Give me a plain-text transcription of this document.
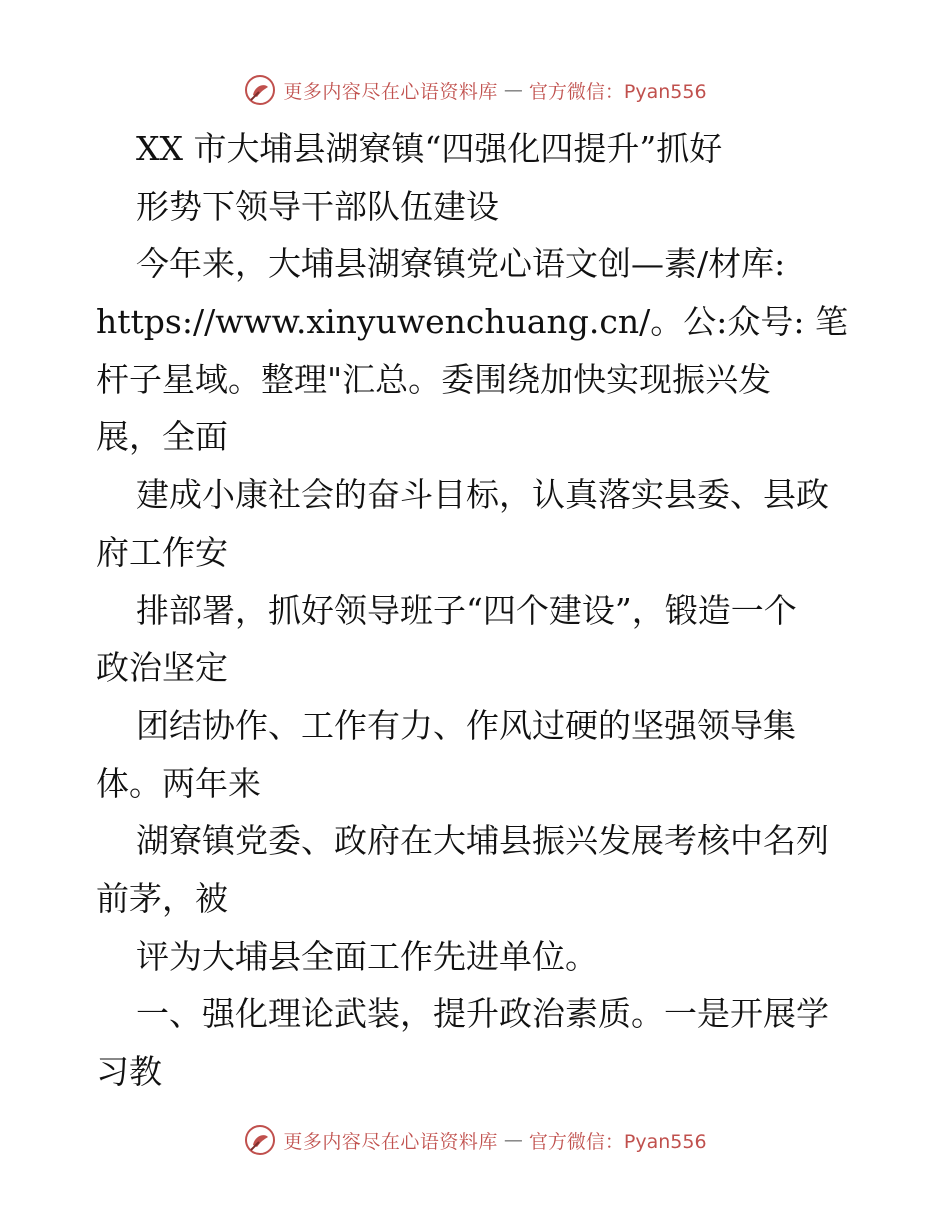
更多内容尽在心语资料库 — 官方微信：Pyan556
XX 市大埔县湖寮镇“四强化四提升”抓好
形势下领导干部队伍建设
今年来，大埔县湖寮镇党心语文创—素/材库:
https://www.xinyuwenchuang.cn/。公:众号: 笔
杆子星域。整理"汇总。委围绕加快实现振兴发
展，全面
建成小康社会的奋斗目标，认真落实县委、县政
府工作安
排部署，抓好领导班子“四个建设”，锻造一个
政治坚定
团结协作、工作有力、作风过硬的坚强领导集
体。两年来
湖寮镇党委、政府在大埔县振兴发展考核中名列
前茅，被
评为大埔县全面工作先进单位。
一、强化理论武装，提升政治素质。一是开展学
习教
更多内容尽在心语资料库 — 官方微信：Pyan556
